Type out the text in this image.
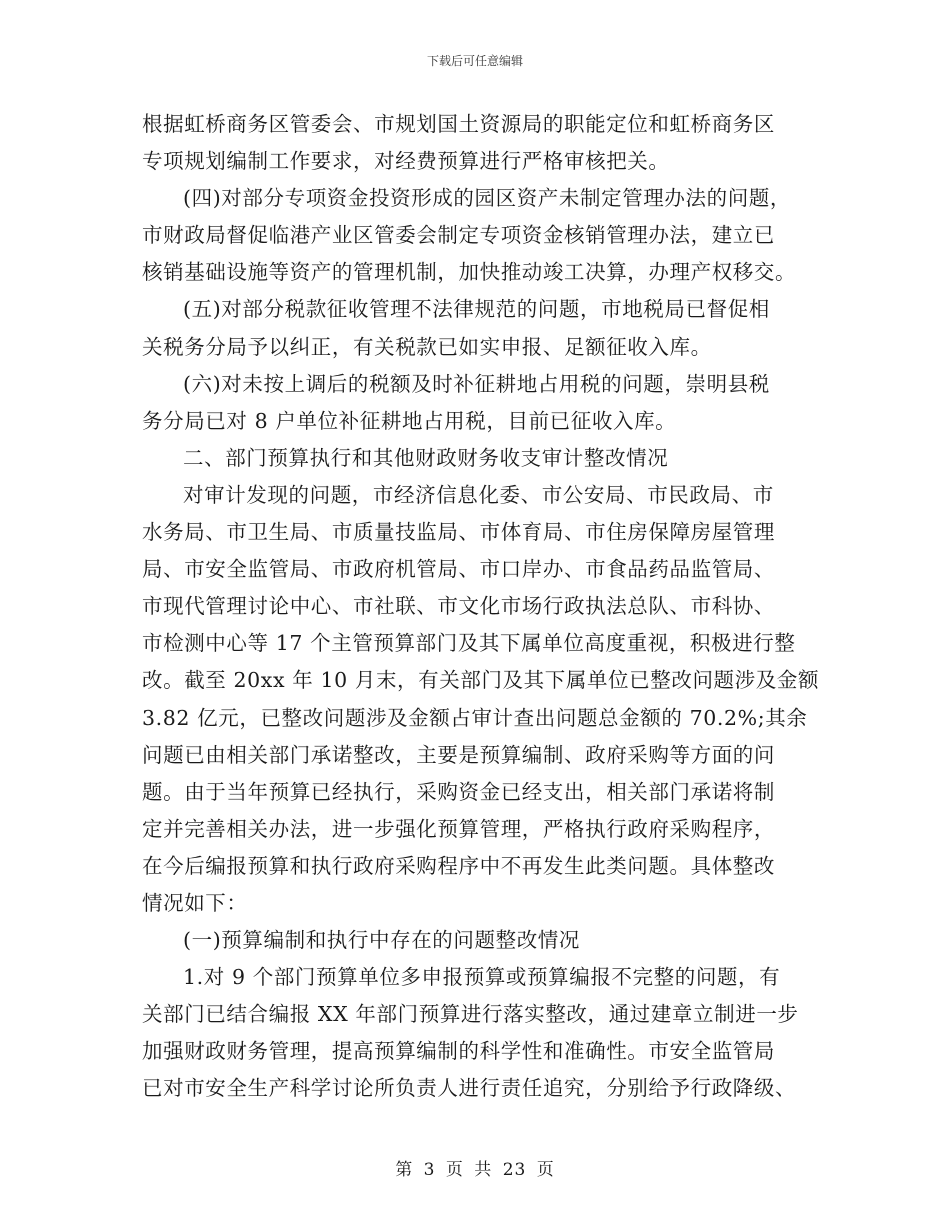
下载后可任意编辑
根据虹桥商务区管委会、市规划国土资源局的职能定位和虹桥商务区
专项规划编制工作要求，对经费预算进行严格审核把关。
(四)对部分专项资金投资形成的园区资产未制定管理办法的问题，
市财政局督促临港产业区管委会制定专项资金核销管理办法，建立已
核销基础设施等资产的管理机制，加快推动竣工决算，办理产权移交。
(五)对部分税款征收管理不法律规范的问题，市地税局已督促相
关税务分局予以纠正，有关税款已如实申报、足额征收入库。
(六)对未按上调后的税额及时补征耕地占用税的问题，崇明县税
务分局已对 8 户单位补征耕地占用税，目前已征收入库。
二、部门预算执行和其他财政财务收支审计整改情况
对审计发现的问题，市经济信息化委、市公安局、市民政局、市
水务局、市卫生局、市质量技监局、市体育局、市住房保障房屋管理
局、市安全监管局、市政府机管局、市口岸办、市食品药品监管局、
市现代管理讨论中心、市社联、市文化市场行政执法总队、市科协、
市检测中心等 17 个主管预算部门及其下属单位高度重视，积极进行整
改。截至 20xx 年 10 月末，有关部门及其下属单位已整改问题涉及金额
3.82 亿元，已整改问题涉及金额占审计查出问题总金额的 70.2%;其余
问题已由相关部门承诺整改，主要是预算编制、政府采购等方面的问
题。由于当年预算已经执行，采购资金已经支出，相关部门承诺将制
定并完善相关办法，进一步强化预算管理，严格执行政府采购程序，
在今后编报预算和执行政府采购程序中不再发生此类问题。具体整改
情况如下：
(一)预算编制和执行中存在的问题整改情况
1.对 9 个部门预算单位多申报预算或预算编报不完整的问题，有
关部门已结合编报 XX 年部门预算进行落实整改，通过建章立制进一步
加强财政财务管理，提高预算编制的科学性和准确性。市安全监管局
已对市安全生产科学讨论所负责人进行责任追究，分别给予行政降级、
第 3 页 共 23 页
